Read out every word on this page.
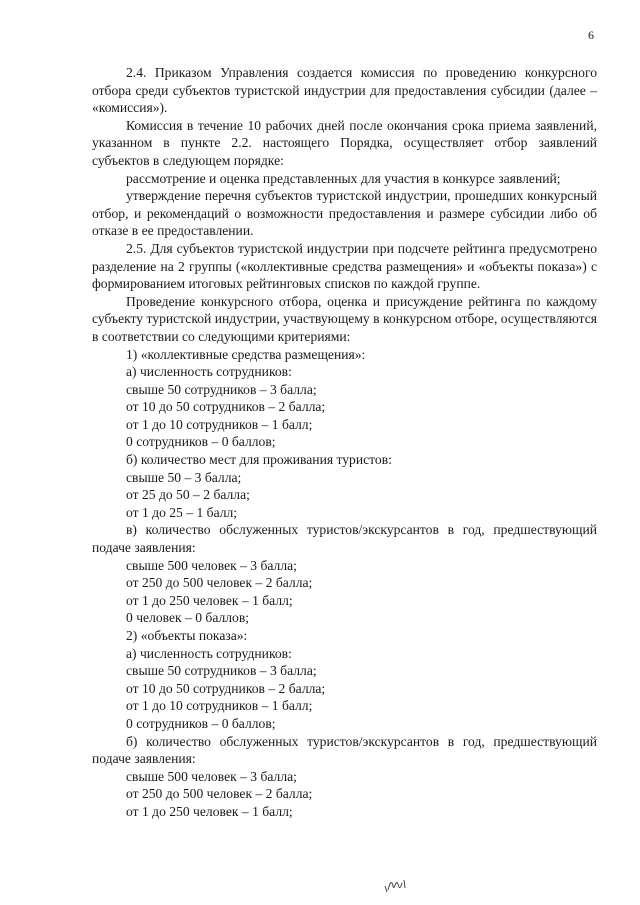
6

2.4. Приказом Управления создается комиссия по проведению конкурсного отбора среди субъектов туристской индустрии для предоставления субсидии (далее – «комиссия»).

Комиссия в течение 10 рабочих дней после окончания срока приема заявлений, указанном в пункте 2.2. настоящего Порядка, осуществляет отбор заявлений субъектов в следующем порядке:

рассмотрение и оценка представленных для участия в конкурсе заявлений;

утверждение перечня субъектов туристской индустрии, прошедших конкурсный отбор, и рекомендаций о возможности предоставления и размере субсидии либо об отказе в ее предоставлении.

2.5. Для субъектов туристской индустрии при подсчете рейтинга предусмотрено разделение на 2 группы («коллективные средства размещения» и «объекты показа») с формированием итоговых рейтинговых списков по каждой группе.

Проведение конкурсного отбора, оценка и присуждение рейтинга по каждому субъекту туристской индустрии, участвующему в конкурсном отборе, осуществляются в соответствии со следующими критериями:

1) «коллективные средства размещения»:

а) численность сотрудников:

свыше 50 сотрудников – 3 балла;

от 10 до 50 сотрудников – 2 балла;

от 1 до 10 сотрудников – 1 балл;

0 сотрудников – 0 баллов;

б) количество мест для проживания туристов:

свыше 50 – 3 балла;

от 25 до 50 – 2 балла;

от 1 до 25 – 1 балл;

в) количество обслуженных туристов/экскурсантов в год, предшествующий подаче заявления:

свыше 500 человек – 3 балла;

от 250 до 500 человек – 2 балла;

от 1 до 250 человек – 1 балл;

0 человек – 0 баллов;

2) «объекты показа»:

а) численность сотрудников:

свыше 50 сотрудников – 3 балла;

от 10 до 50 сотрудников – 2 балла;

от 1 до 10 сотрудников – 1 балл;

0 сотрудников – 0 баллов;

б) количество обслуженных туристов/экскурсантов в год, предшествующий подаче заявления:

свыше 500 человек – 3 балла;

от 250 до 500 человек – 2 балла;

от 1 до 250 человек – 1 балл;
